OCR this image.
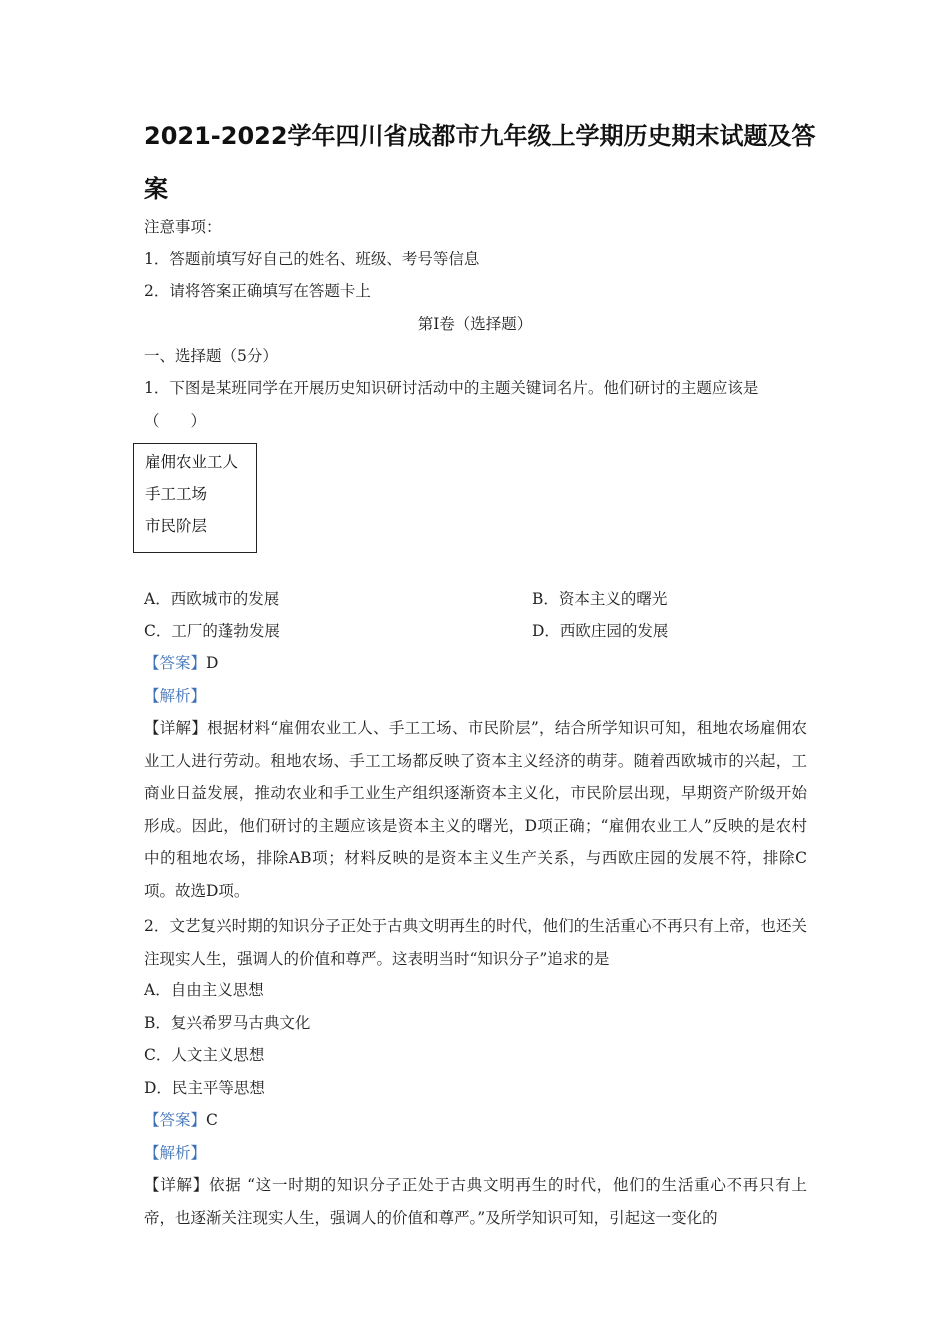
2021-2022学年四川省成都市九年级上学期历史期末试题及答案
注意事项：
1．答题前填写好自己的姓名、班级、考号等信息
2．请将答案正确填写在答题卡上
第Ⅰ卷（选择题）
一、选择题（5分）
1．下图是某班同学在开展历史知识研讨活动中的主题关键词名片。他们研讨的主题应该是
（　　）
雇佣农业工人
手工工场
市民阶层
A．西欧城市的发展	B．资本主义的曙光
C．工厂的蓬勃发展	D．西欧庄园的发展
【答案】D
【解析】
【详解】根据材料“雇佣农业工人、手工工场、市民阶层”，结合所学知识可知，租地农场雇佣农业工人进行劳动。租地农场、手工工场都反映了资本主义经济的萌芽。随着西欧城市的兴起，工商业日益发展，推动农业和手工业生产组织逐渐资本主义化，市民阶层出现，早期资产阶级开始形成。因此，他们研讨的主题应该是资本主义的曙光，D项正确；“雇佣农业工人”反映的是农村中的租地农场，排除AB项；材料反映的是资本主义生产关系，与西欧庄园的发展不符，排除C项。故选D项。
2．文艺复兴时期的知识分子正处于古典文明再生的时代，他们的生活重心不再只有上帝，也还关注现实人生，强调人的价值和尊严。这表明当时“知识分子”追求的是
A．自由主义思想
B．复兴希罗马古典文化
C．人文主义思想
D．民主平等思想
【答案】C
【解析】
【详解】依据 “这一时期的知识分子正处于古典文明再生的时代，他们的生活重心不再只有上帝，也逐渐关注现实人生，强调人的价值和尊严。”及所学知识可知，引起这一变化的
